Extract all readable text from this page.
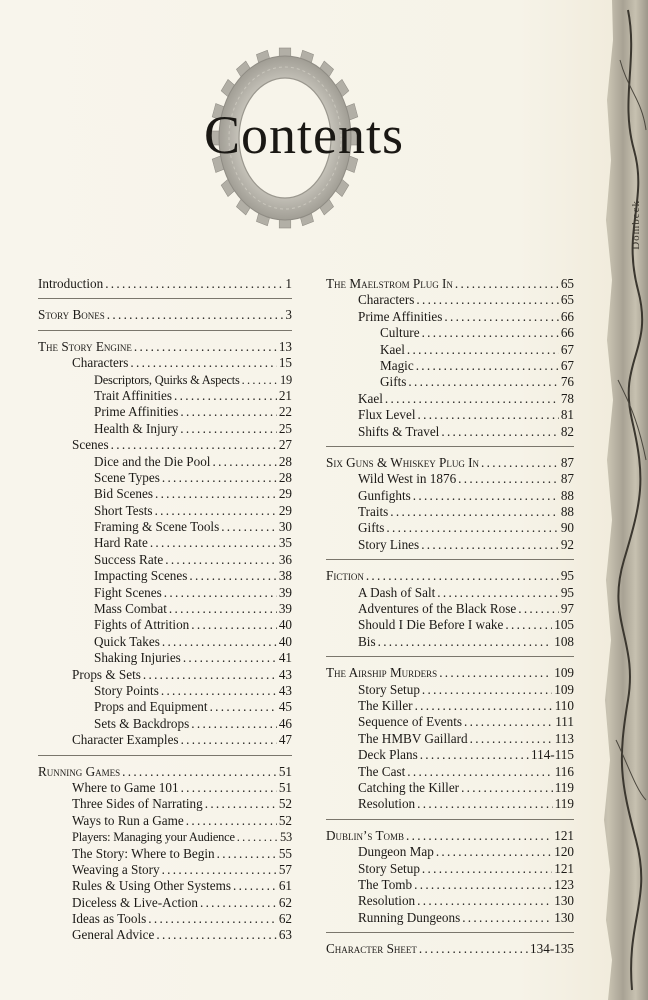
Contents
Introduction .....	1
Story Bones .....	3
The Story Engine .....	13
Characters .....	15
Descriptors, Quirks & Aspects .....	19
Trait Affinities .....	21
Prime Affinities .....	22
Health & Injury .....	25
Scenes .....	27
Dice and the Die Pool .....	28
Scene Types .....	28
Bid Scenes .....	29
Short Tests .....	29
Framing & Scene Tools .....	30
Hard Rate .....	35
Success Rate .....	36
Impacting Scenes .....	38
Fight Scenes .....	39
Mass Combat .....	39
Fights of Attrition .....	40
Quick Takes .....	40
Shaking Injuries .....	41
Props & Sets .....	43
Story Points .....	43
Props and Equipment .....	45
Sets & Backdrops .....	46
Character Examples .....	47
Running Games .....	51
Where to Game 101 .....	51
Three Sides of Narrating .....	52
Ways to Run a Game .....	52
Players: Managing your Audience .....	53
The Story: Where to Begin .....	55
Weaving a Story .....	57
Rules & Using Other Systems .....	61
Diceless & Live-Action .....	62
Ideas as Tools .....	62
General Advice .....	63
The Maelstrom Plug In .....	65
Characters .....	65
Prime Affinities .....	66
Culture .....	66
Kael .....	67
Magic .....	67
Gifts .....	76
Kael .....	78
Flux Level .....	81
Shifts & Travel .....	82
Six Guns & Whiskey Plug In .....	87
Wild West in 1876 .....	87
Gunfights .....	88
Traits .....	88
Gifts .....	90
Story Lines .....	92
Fiction .....	95
A Dash of Salt .....	95
Adventures of the Black Rose .....	97
Should I Die Before I wake .....	105
Bis .....	108
The Airship Murders .....	109
Story Setup .....	109
The Killer .....	110
Sequence of Events .....	111
The HMBV Gaillard .....	113
Deck Plans .....	114-115
The Cast .....	116
Catching the Killer .....	119
Resolution .....	119
Dublin’s Tomb .....	121
Dungeon Map .....	120
Story Setup .....	121
The Tomb .....	123
Resolution .....	130
Running Dungeons .....	130
Character Sheet .....	134-135
Dombeck
